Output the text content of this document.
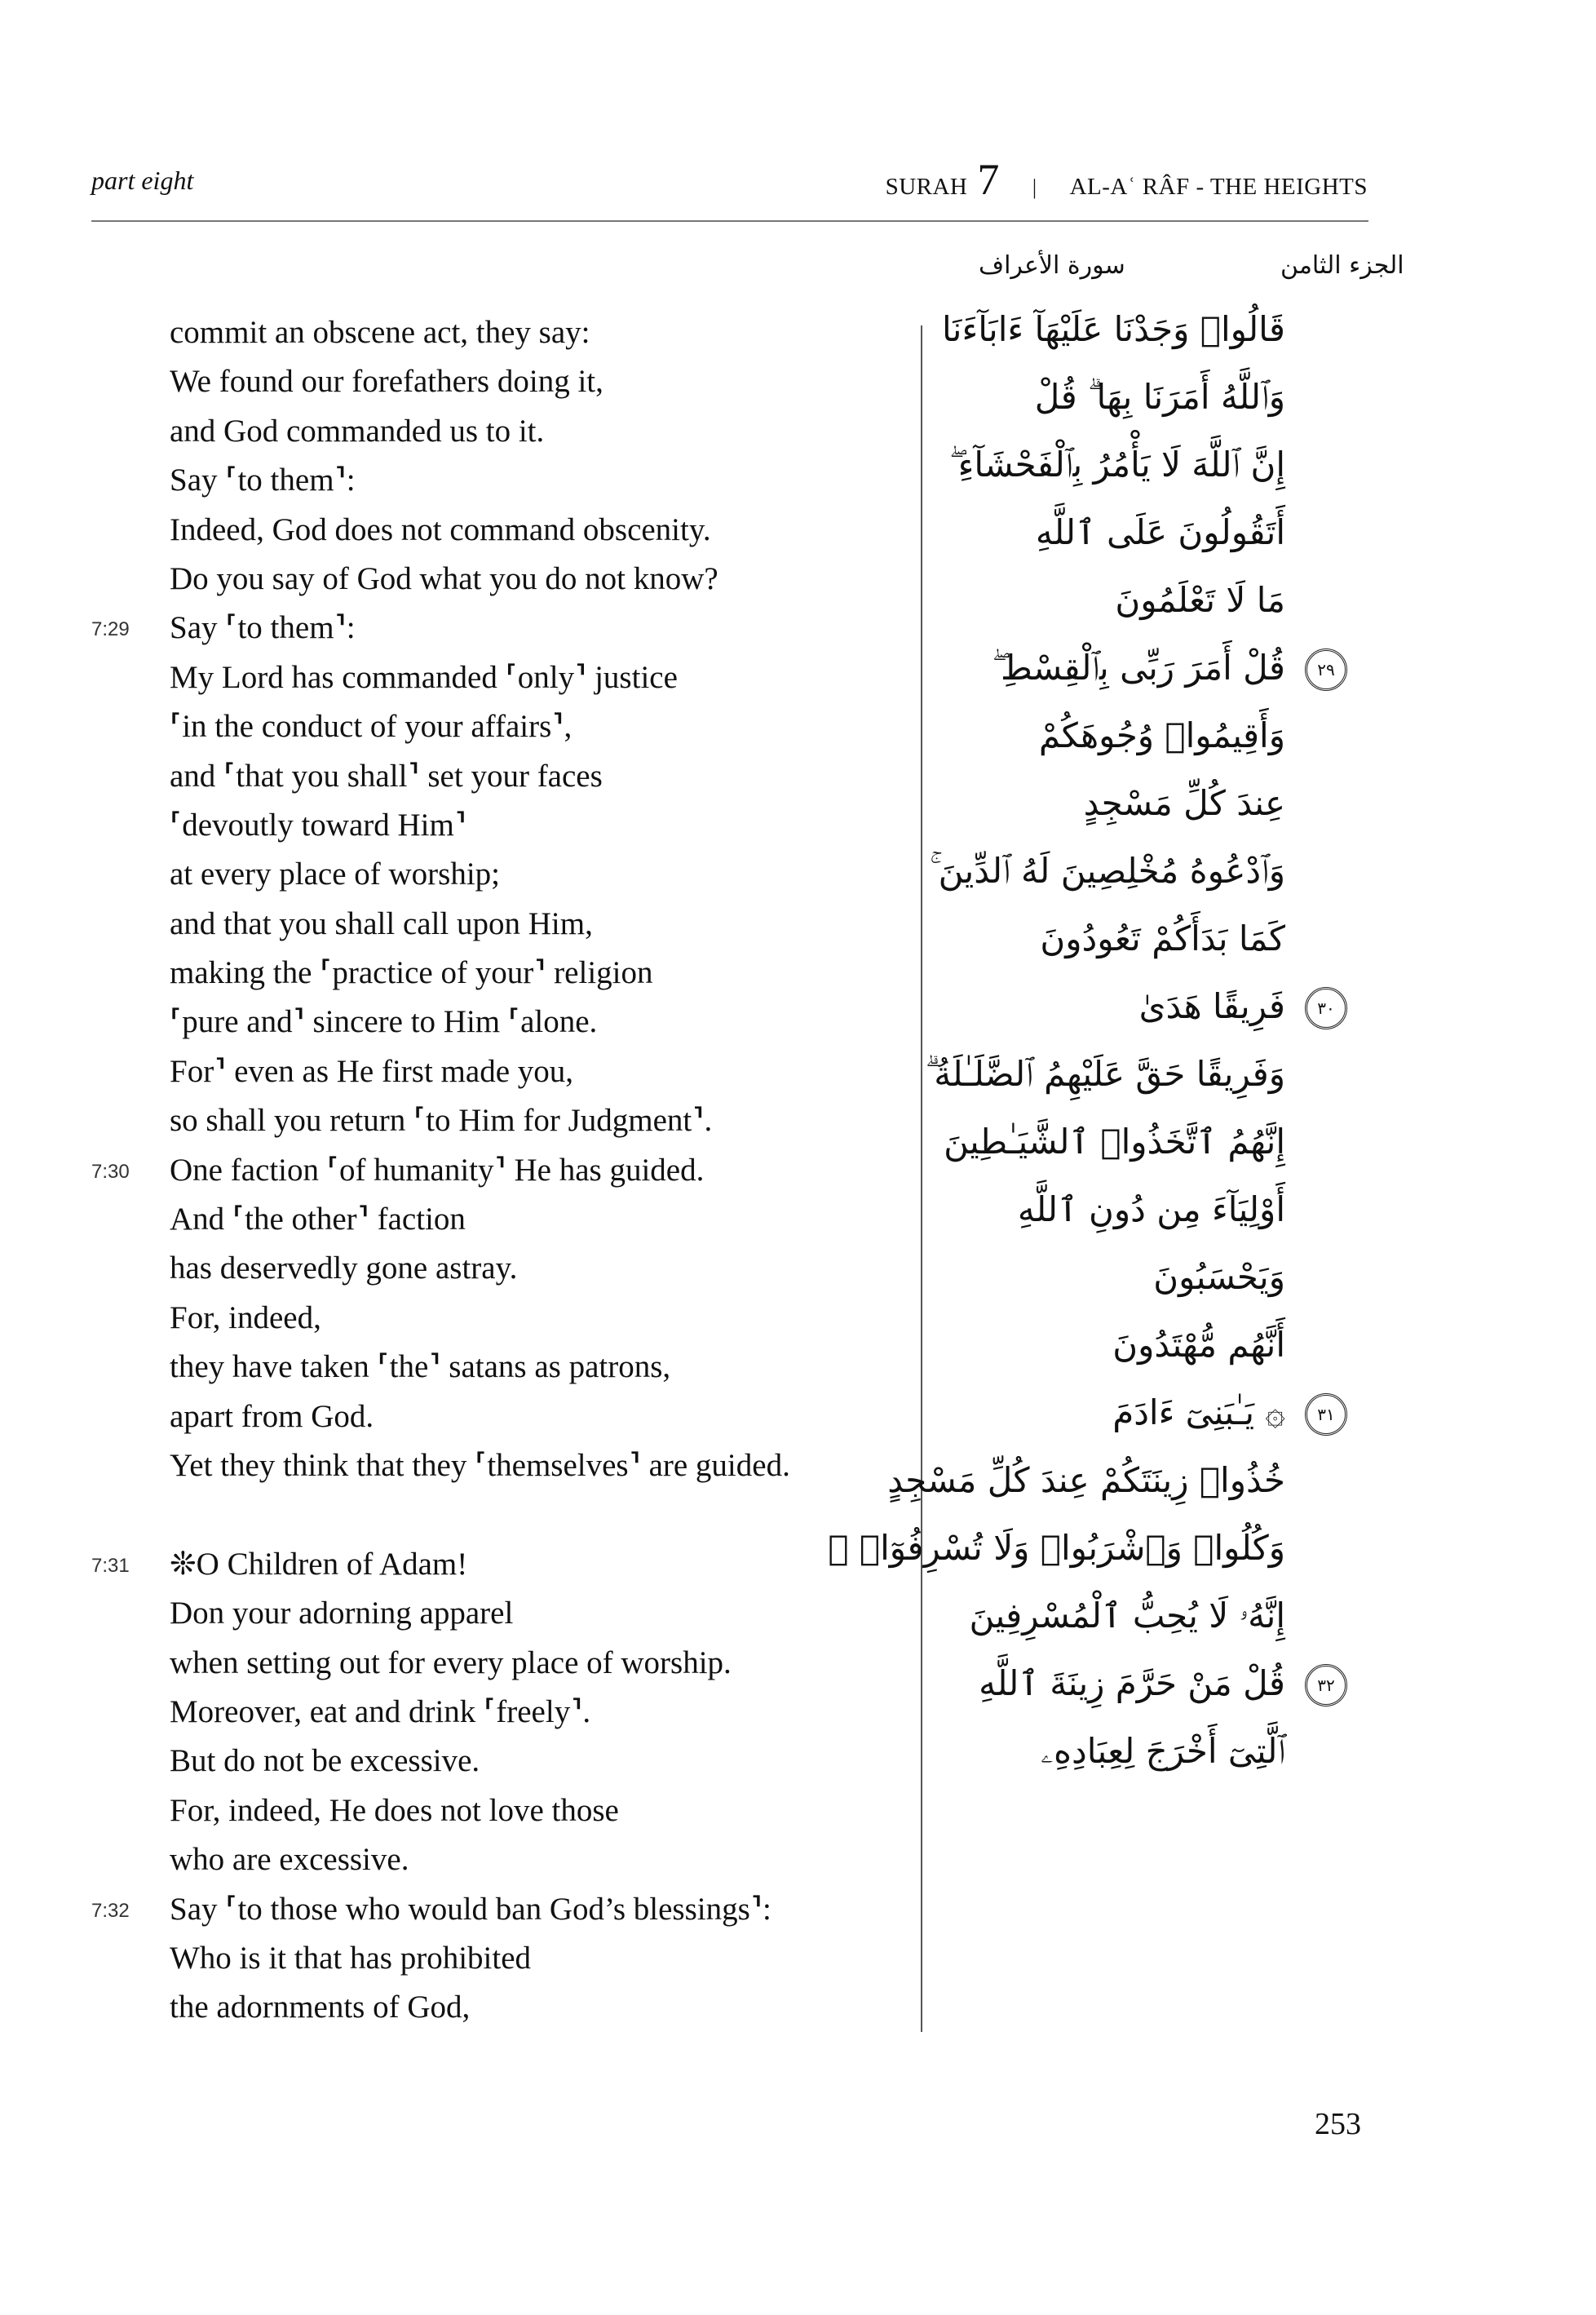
part eight	SURAH 7 | AL-Aʿ RÂF - THE HEIGHTS
سورة الأعراف	الجزء الثامن
commit an obscene act, they say:
We found our forefathers doing it,
and God commanded us to it.
Say ⸢to them⸣:
Indeed, God does not command obscenity.
Do you say of God what you do not know?
7:29 Say ⸢to them⸣:
My Lord has commanded ⸢only⸣ justice
⸢in the conduct of your affairs⸣,
and ⸢that you shall⸣ set your faces
⸢devoutly toward Him⸣
at every place of worship;
and that you shall call upon Him,
making the ⸢practice of your⸣ religion
⸢pure and⸣ sincere to Him ⸢alone.
For⸣ even as He first made you,
so shall you return ⸢to Him for Judgment⸣.
7:30 One faction ⸢of humanity⸣ He has guided.
And ⸢the other⸣ faction
has deservedly gone astray.
For, indeed,
they have taken ⸢the⸣ satans as patrons,
apart from God.
Yet they think that they ⸢themselves⸣ are guided.
7:31 ❊O Children of Adam!
Don your adorning apparel
when setting out for every place of worship.
Moreover, eat and drink ⸢freely⸣.
But do not be excessive.
For, indeed, He does not love those
who are excessive.
7:32 Say ⸢to those who would ban God’s blessings⸣:
Who is it that has prohibited
the adornments of God,
قَالُوا۟ وَجَدْنَا عَلَيْهَآ ءَابَآءَنَا
وَٱللَّهُ أَمَرَنَا بِهَا ۗ قُلْ
إِنَّ ٱللَّهَ لَا يَأْمُرُ بِٱلْفَحْشَآءِ ۖ
أَتَقُولُونَ عَلَى ٱللَّهِ
مَا لَا تَعْلَمُونَ
قُلْ أَمَرَ رَبِّى بِٱلْقِسْطِ ۖ	٢٩
وَأَقِيمُوا۟ وُجُوهَكُمْ
عِندَ كُلِّ مَسْجِدٍ
وَٱدْعُوهُ مُخْلِصِينَ لَهُ ٱلدِّينَ ۚ
كَمَا بَدَأَكُمْ تَعُودُونَ
فَرِيقًا هَدَىٰ	٣٠
وَفَرِيقًا حَقَّ عَلَيْهِمُ ٱلضَّلَـٰلَةُ ۗ
إِنَّهُمُ ٱتَّخَذُوا۟ ٱلشَّيَـٰطِينَ
أَوْلِيَآءَ مِن دُونِ ٱللَّهِ
وَيَحْسَبُونَ
أَنَّهُم مُّهْتَدُونَ
۞ يَـٰبَنِىٓ ءَادَمَ	٣١
خُذُوا۟ زِينَتَكُمْ عِندَ كُلِّ مَسْجِدٍ
وَكُلُوا۟ وَٱشْرَبُوا۟ وَلَا تُسْرِفُوٓا۟ ۚ
إِنَّهُۥ لَا يُحِبُّ ٱلْمُسْرِفِينَ
قُلْ مَنْ حَرَّمَ زِينَةَ ٱللَّهِ	٣٢
ٱلَّتِىٓ أَخْرَجَ لِعِبَادِهِۦ
253
